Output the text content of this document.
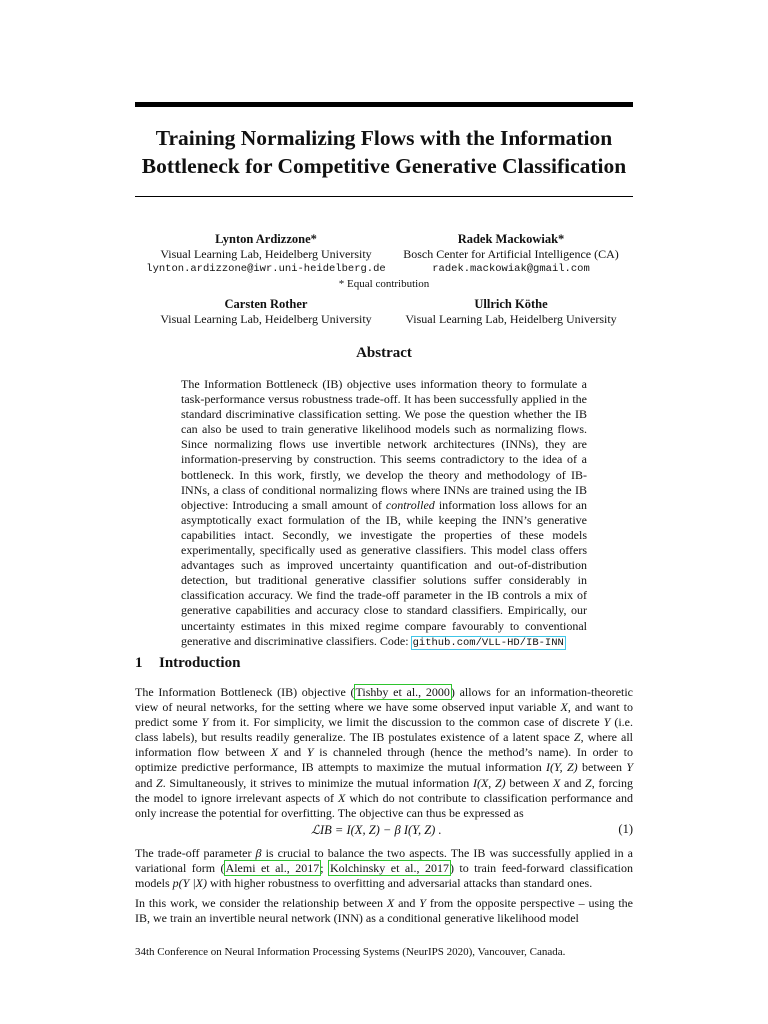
Training Normalizing Flows with the Information Bottleneck for Competitive Generative Classification
Lynton Ardizzone*
Visual Learning Lab, Heidelberg University
lynton.ardizzone@iwr.uni-heidelberg.de
Radek Mackowiak*
Bosch Center for Artificial Intelligence (CA)
radek.mackowiak@gmail.com
* Equal contribution
Carsten Rother
Visual Learning Lab, Heidelberg University
Ullrich Köthe
Visual Learning Lab, Heidelberg University
Abstract
The Information Bottleneck (IB) objective uses information theory to formulate a task-performance versus robustness trade-off. It has been successfully applied in the standard discriminative classification setting. We pose the question whether the IB can also be used to train generative likelihood models such as normalizing flows. Since normalizing flows use invertible network architectures (INNs), they are information-preserving by construction. This seems contradictory to the idea of a bottleneck. In this work, firstly, we develop the theory and methodology of IB-INNs, a class of conditional normalizing flows where INNs are trained using the IB objective: Introducing a small amount of controlled information loss allows for an asymptotically exact formulation of the IB, while keeping the INN’s generative capabilities intact. Secondly, we investigate the properties of these models experimentally, specifically used as generative classifiers. This model class offers advantages such as improved uncertainty quantification and out-of-distribution detection, but traditional generative classifier solutions suffer considerably in classification accuracy. We find the trade-off parameter in the IB controls a mix of generative capabilities and accuracy close to standard classifiers. Empirically, our uncertainty estimates in this mixed regime compare favourably to conventional generative and discriminative classifiers. Code: github.com/VLL-HD/IB-INN
1 Introduction
The Information Bottleneck (IB) objective (Tishby et al., 2000) allows for an information-theoretic view of neural networks, for the setting where we have some observed input variable X, and want to predict some Y from it. For simplicity, we limit the discussion to the common case of discrete Y (i.e. class labels), but results readily generalize. The IB postulates existence of a latent space Z, where all information flow between X and Y is channeled through (hence the method’s name). In order to optimize predictive performance, IB attempts to maximize the mutual information I(Y, Z) between Y and Z. Simultaneously, it strives to minimize the mutual information I(X, Z) between X and Z, forcing the model to ignore irrelevant aspects of X which do not contribute to classification performance and only increase the potential for overfitting. The objective can thus be expressed as
ℒIB = I(X, Z) − β I(Y, Z) .	(1)
The trade-off parameter β is crucial to balance the two aspects. The IB was successfully applied in a variational form (Alemi et al., 2017; Kolchinsky et al., 2017) to train feed-forward classification models p(Y |X) with higher robustness to overfitting and adversarial attacks than standard ones.
In this work, we consider the relationship between X and Y from the opposite perspective – using the IB, we train an invertible neural network (INN) as a conditional generative likelihood model
34th Conference on Neural Information Processing Systems (NeurIPS 2020), Vancouver, Canada.
